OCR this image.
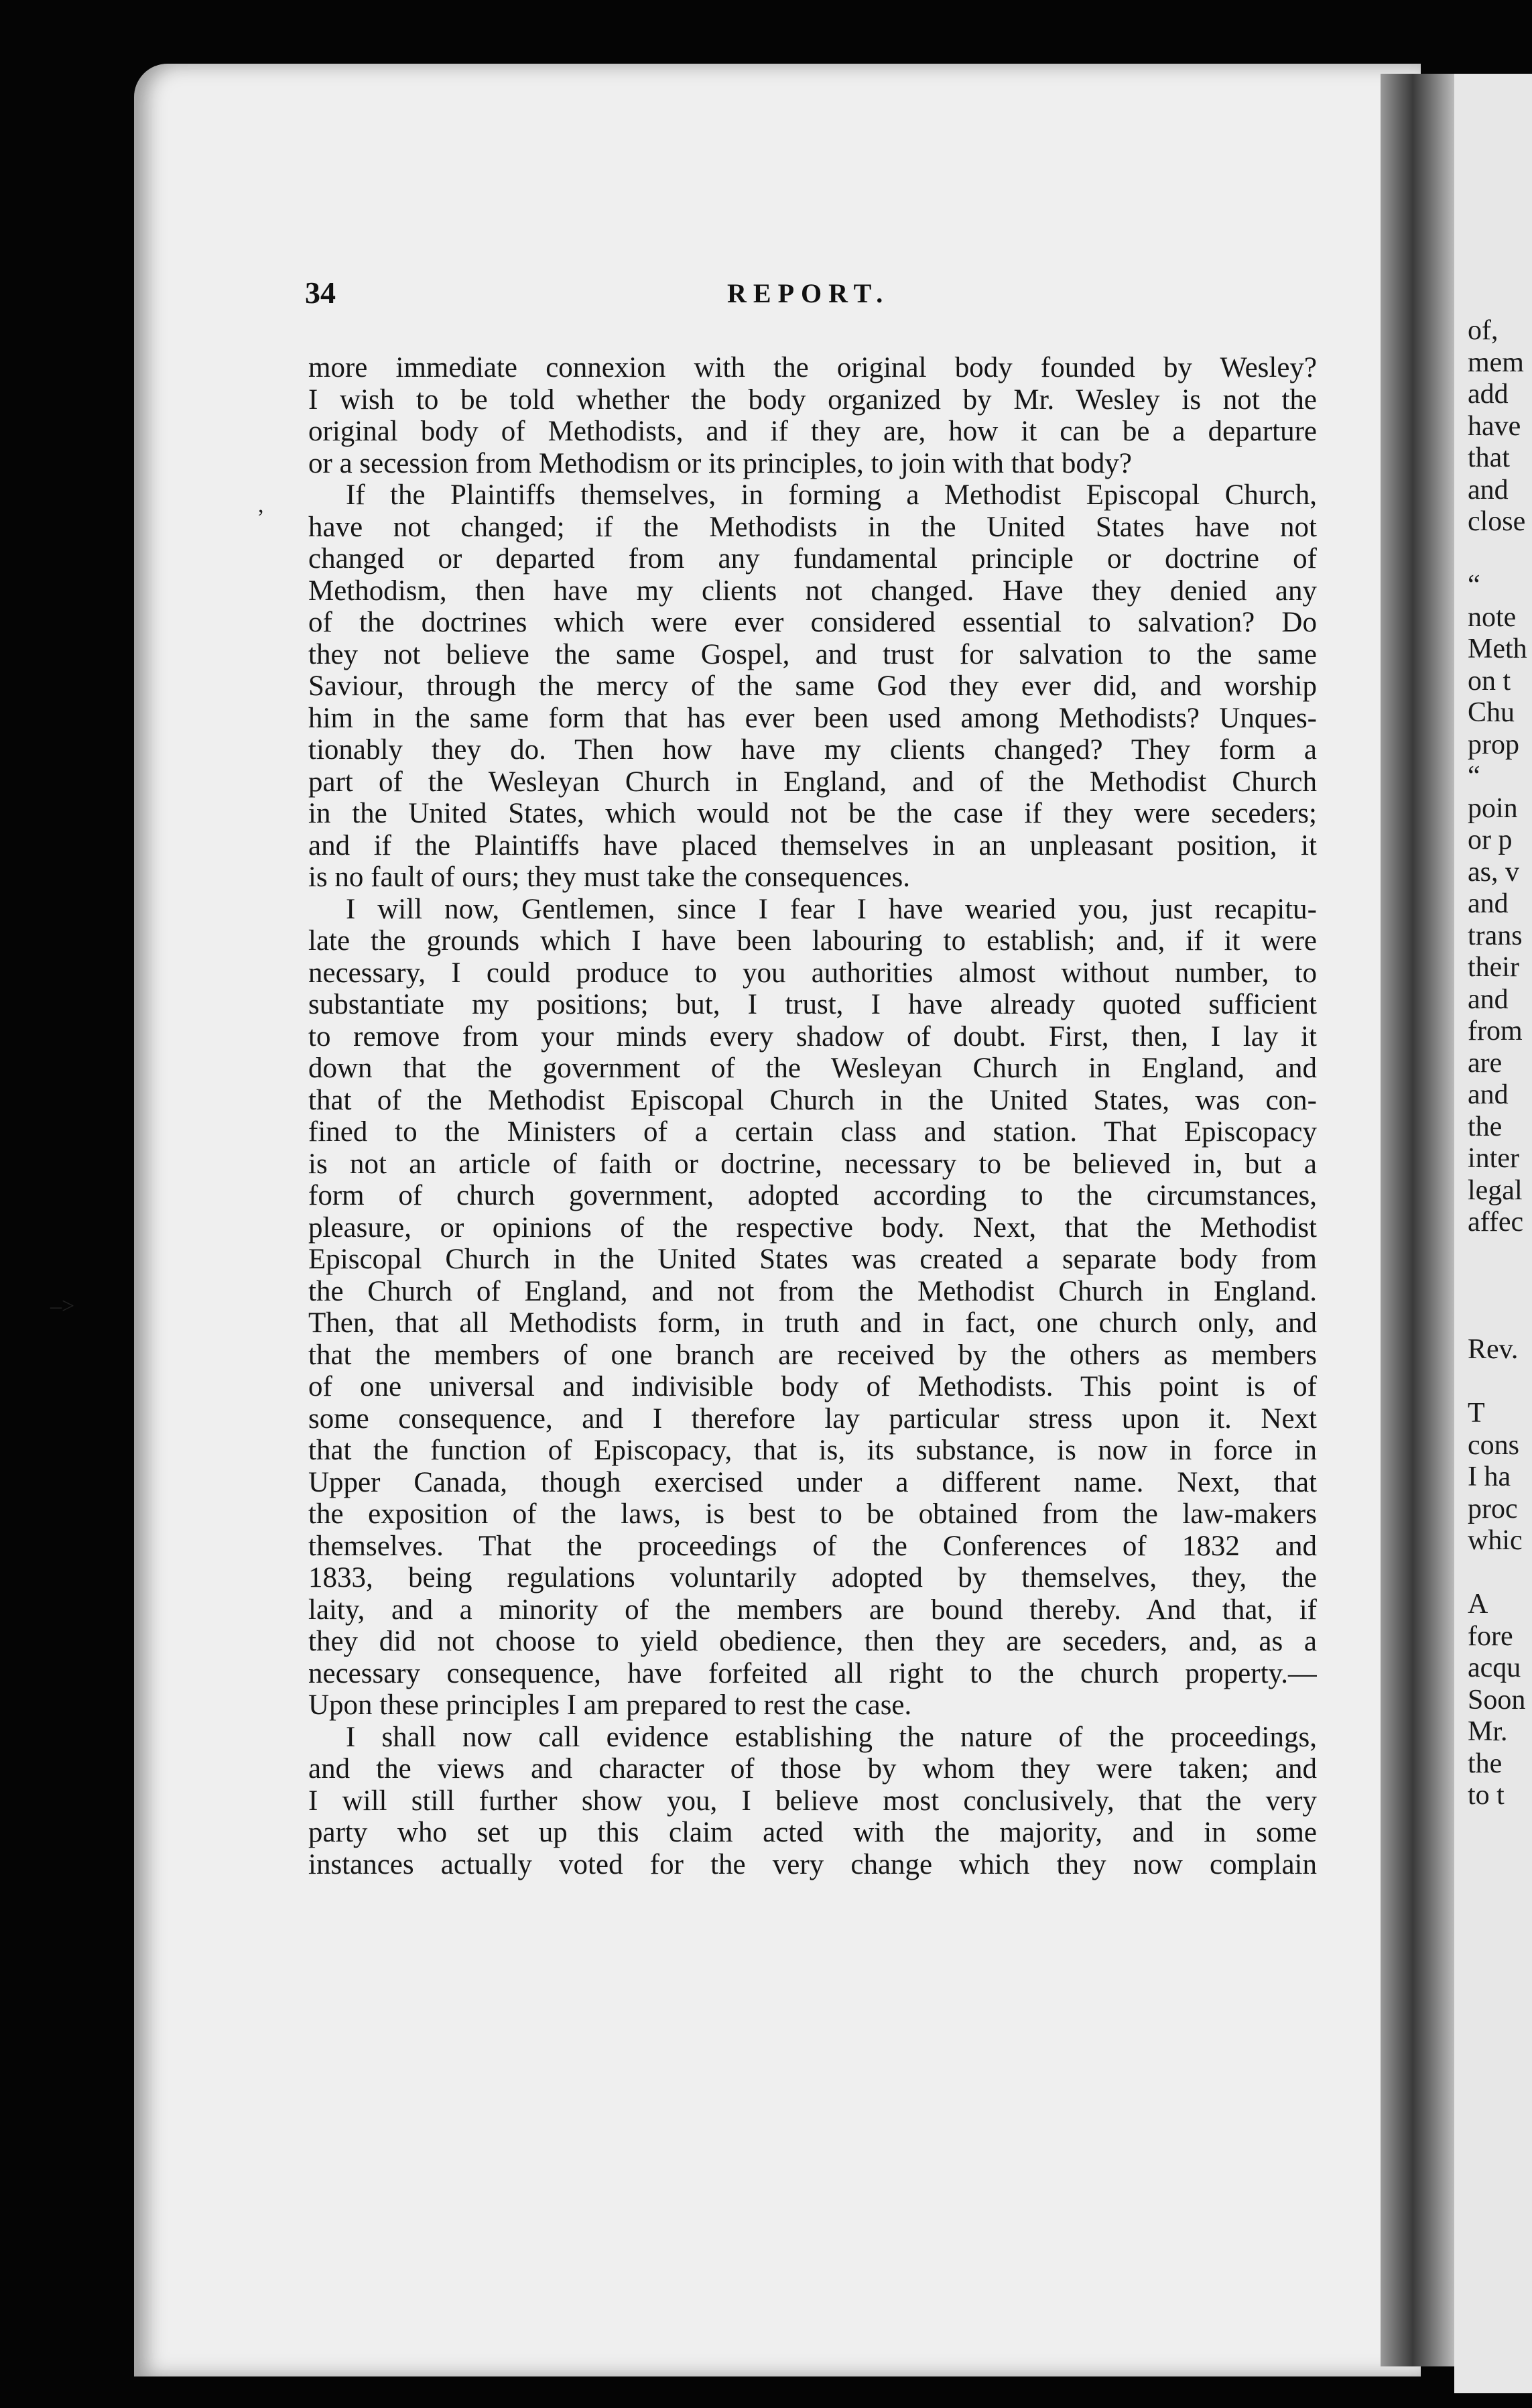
34	REPORT.
more immediate connexion with the original body founded by Wesley?
I wish to be told whether the body organized by Mr. Wesley is not the
original body of Methodists, and if they are, how it can be a departure
or a secession from Methodism or its principles, to join with that body?
If the Plaintiffs themselves, in forming a Methodist Episcopal Church,
have not changed; if the Methodists in the United States have not
changed or departed from any fundamental principle or doctrine of
Methodism, then have my clients not changed. Have they denied any
of the doctrines which were ever considered essential to salvation? Do
they not believe the same Gospel, and trust for salvation to the same
Saviour, through the mercy of the same God they ever did, and worship
him in the same form that has ever been used among Methodists? Unques-
tionably they do. Then how have my clients changed? They form a
part of the Wesleyan Church in England, and of the Methodist Church
in the United States, which would not be the case if they were seceders;
and if the Plaintiffs have placed themselves in an unpleasant position, it
is no fault of ours; they must take the consequences.
I will now, Gentlemen, since I fear I have wearied you, just recapitu-
late the grounds which I have been labouring to establish; and, if it were
necessary, I could produce to you authorities almost without number, to
substantiate my positions; but, I trust, I have already quoted sufficient
to remove from your minds every shadow of doubt. First, then, I lay it
down that the government of the Wesleyan Church in England, and
that of the Methodist Episcopal Church in the United States, was con-
fined to the Ministers of a certain class and station. That Episcopacy
is not an article of faith or doctrine, necessary to be believed in, but a
form of church government, adopted according to the circumstances,
pleasure, or opinions of the respective body. Next, that the Methodist
Episcopal Church in the United States was created a separate body from
the Church of England, and not from the Methodist Church in England.
Then, that all Methodists form, in truth and in fact, one church only, and
that the members of one branch are received by the others as members
of one universal and indivisible body of Methodists. This point is of
some consequence, and I therefore lay particular stress upon it. Next
that the function of Episcopacy, that is, its substance, is now in force in
Upper Canada, though exercised under a different name. Next, that
the exposition of the laws, is best to be obtained from the law-makers
themselves. That the proceedings of the Conferences of 1832 and
1833, being regulations voluntarily adopted by themselves, they, the
laity, and a minority of the members are bound thereby. And that, if
they did not choose to yield obedience, then they are seceders, and, as a
necessary consequence, have forfeited all right to the church property.—
Upon these principles I am prepared to rest the case.
I shall now call evidence establishing the nature of the proceedings,
and the views and character of those by whom they were taken; and
I will still further show you, I believe most conclusively, that the very
party who set up this claim acted with the majority, and in some
instances actually voted for the very change which they now complain
of,
mem
add
have
that
and
close
“
note
Meth
on t
Chu
prop
“
poin
or p
as, v
and
trans
their
and
from
are
and
the
inter
legal
affec
Rev.
T
cons
I ha
proc
whic
A
fore
acqu
Soon
Mr.
the
to t
,
–>
